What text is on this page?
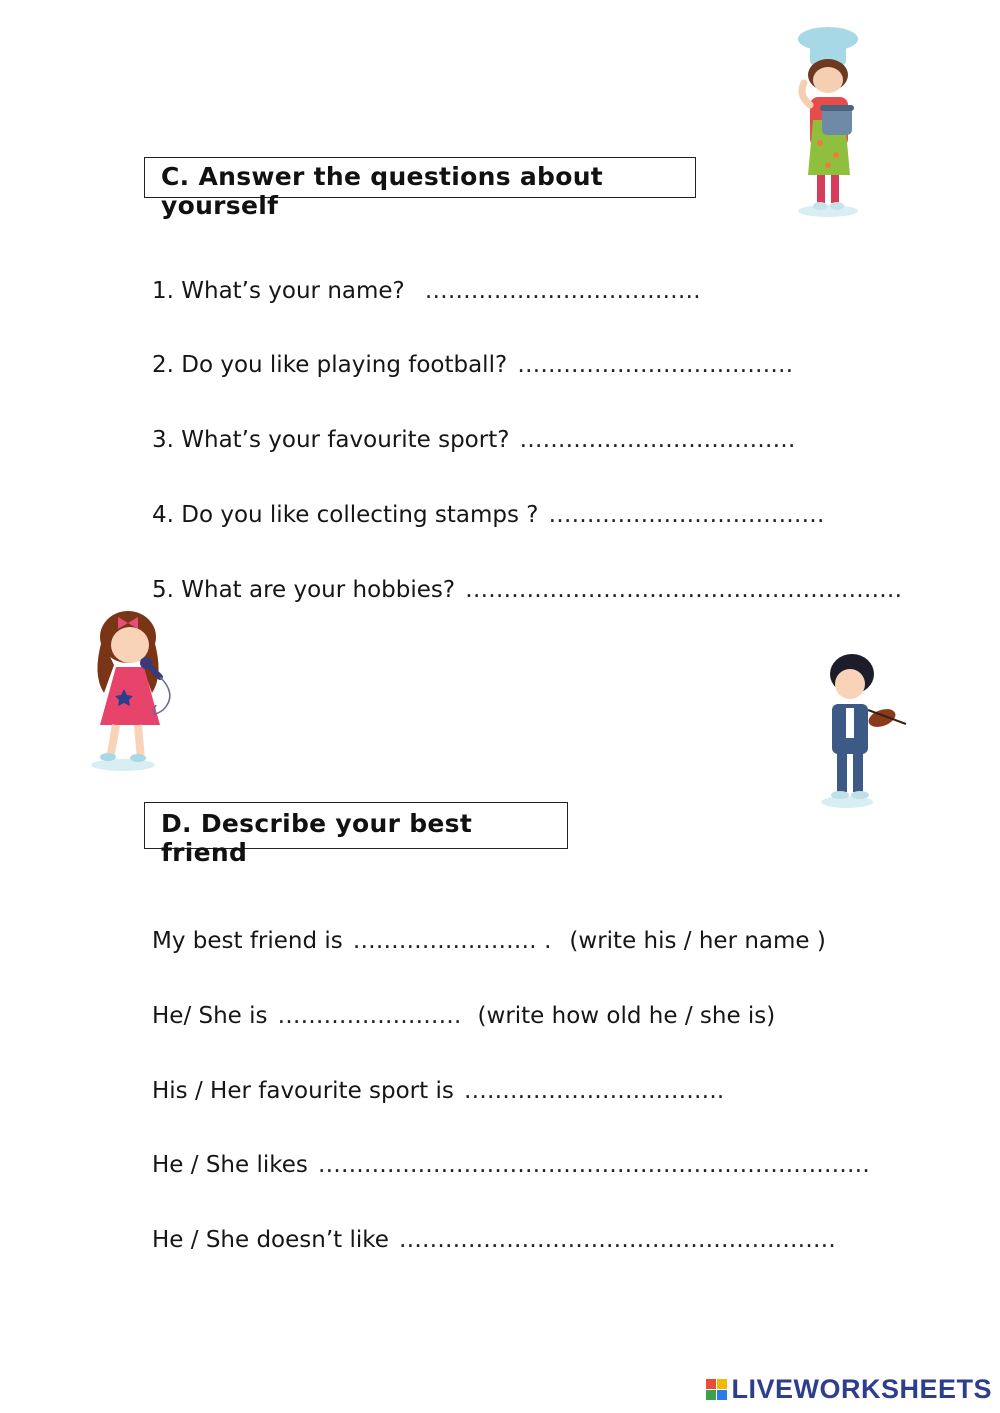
C. Answer the questions about yourself
1. What’s your name? ………………………………
2. Do you like playing football? ………………………………
3. What’s your favourite sport? ………………………………
4. Do you like collecting stamps ? ………………………………
5. What are your hobbies? …………………………………………………
D. Describe your best friend
My best friend is …………………… . (write his / her name )
He/ She is …………………… (write how old he / she is)
His / Her favourite sport is …………………………….
He / She likes ………………………………………………………………
He / She doesn’t like …………………………………………………
LIVEWORKSHEETS
